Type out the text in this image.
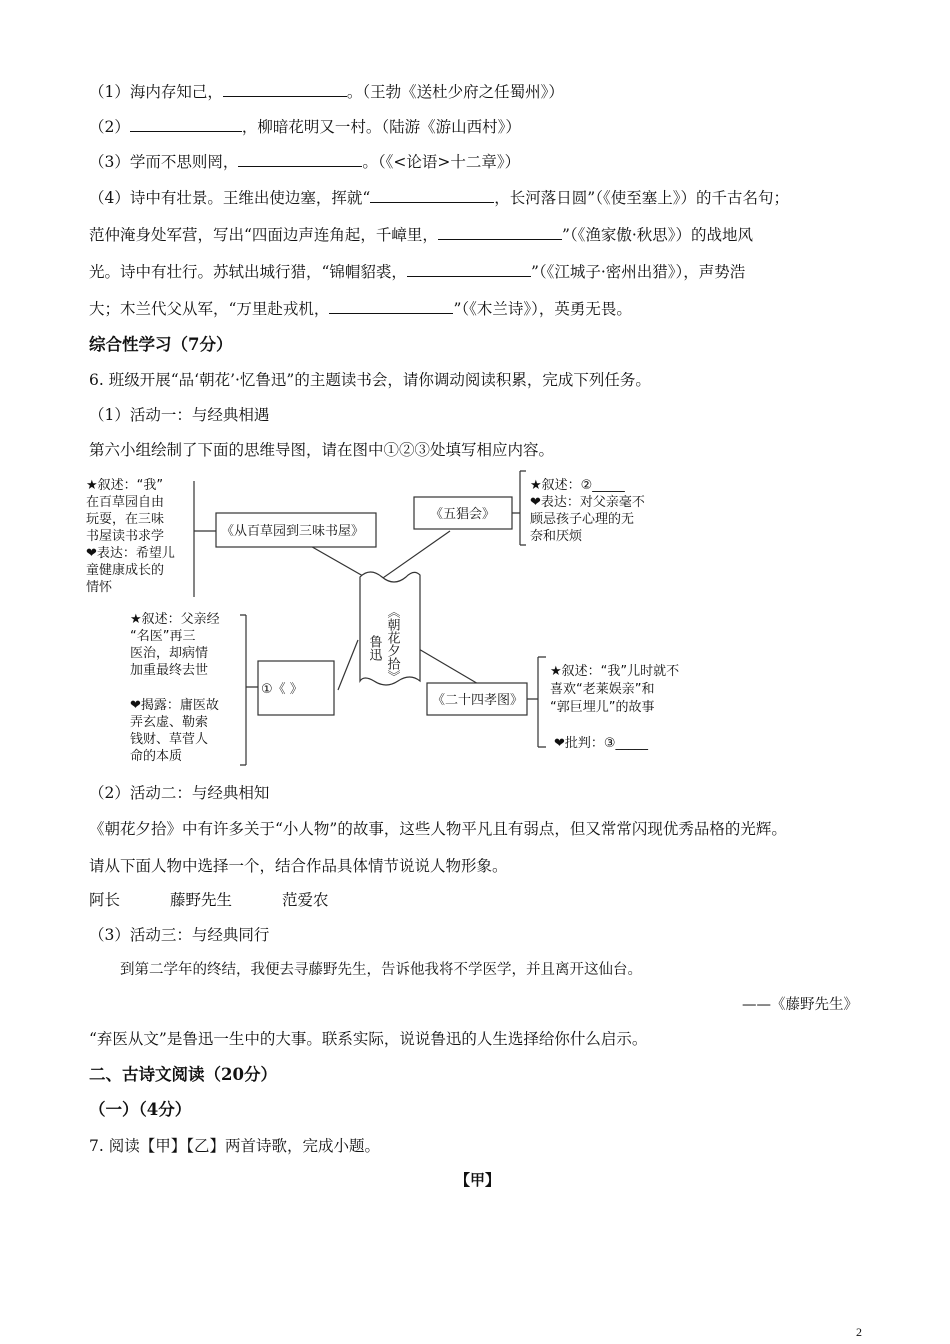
（1）海内存知己，	。（王勃《送杜少府之任蜀州》）
（2）	，柳暗花明又一村。（陆游《游山西村》）
（3）学而不思则罔，	。（《<论语>十二章》）
（4）诗中有壮景。王维出使边塞，挥就“	，长河落日圆”（《使至塞上》）的千古名句；
范仲淹身处军营，写出“四面边声连角起，千嶂里，	”（《渔家傲·秋思》）的战地风
光。诗中有壮行。苏轼出城行猎，“锦帽貂裘，	”（《江城子·密州出猎》），声势浩
大；木兰代父从军，“万里赴戎机，	”（《木兰诗》），英勇无畏。
综合性学习（7分）
6. 班级开展“品‘朝花’·忆鲁迅”的主题读书会，请你调动阅读积累，完成下列任务。
（1）活动一：与经典相遇
第六小组绘制了下面的思维导图，请在图中①②③处填写相应内容。
《朝花夕拾》
鲁迅
《从百草园到三味书屋》
★叙述：“我”
在百草园自由
玩耍，在三味
书屋读书求学
❤表达：希望儿
童健康成长的
情怀
《五猖会》
★叙述：②_____
❤表达：对父亲毫不
顾忌孩子心理的无
奈和厌烦
①《 》
★叙述：父亲经
“名医”再三
医治，却病情
加重最终去世
❤揭露：庸医故
弄玄虚、勒索
钱财、草菅人
命的本质
《二十四孝图》
★叙述：“我”儿时就不
喜欢“老莱娱亲”和
“郭巨埋儿”的故事
❤批判：③_____
（2）活动二：与经典相知
《朝花夕拾》中有许多关于“小人物”的故事，这些人物平凡且有弱点，但又常常闪现优秀品格的光辉。
请从下面人物中选择一个，结合作品具体情节说说人物形象。
阿长	藤野先生	范爱农
（3）活动三：与经典同行
到第二学年的终结，我便去寻藤野先生，告诉他我将不学医学，并且离开这仙台。
——《藤野先生》
“弃医从文”是鲁迅一生中的大事。联系实际，说说鲁迅的人生选择给你什么启示。
二、古诗文阅读（20分）
（一）（4分）
7. 阅读【甲】【乙】两首诗歌，完成小题。
【甲】
2
